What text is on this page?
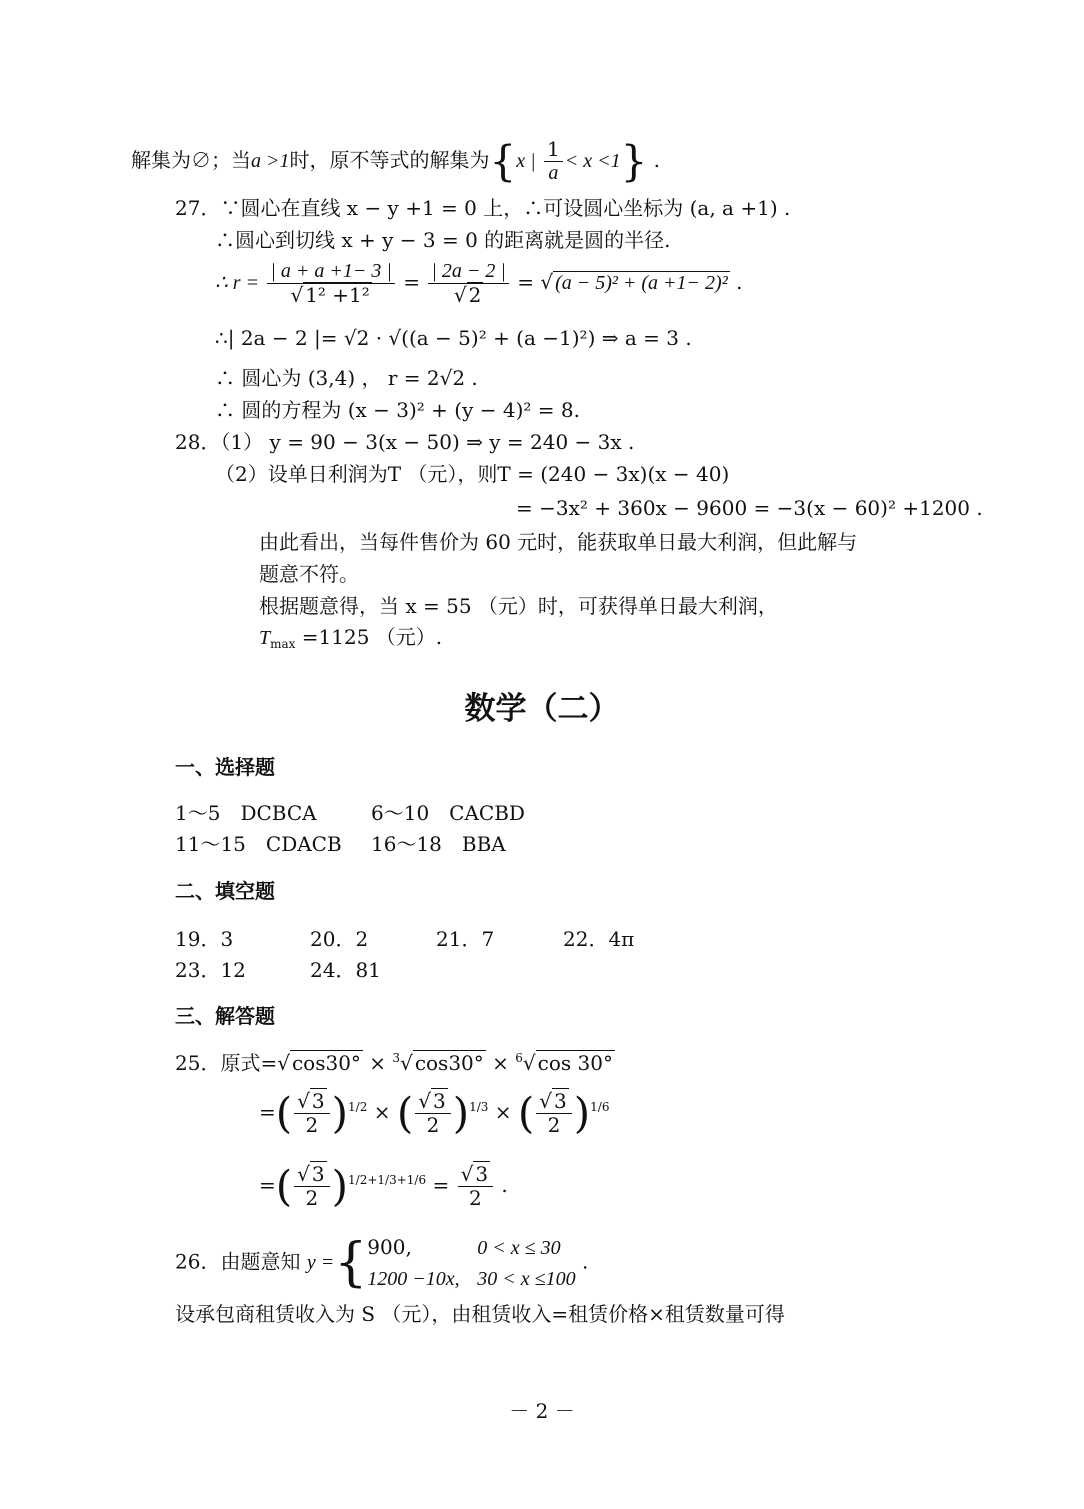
解集为∅；当a >1时，原不等式的解集为{x | $\frac{1}{a} < x <1$} .
27．∵圆心在直线 x − y +1 = 0 上，∴可设圆心坐标为 (a, a +1) .
∴圆心到切线 x + y − 3 = 0 的距离就是圆的半径.
∴ $r = \frac{| a + a +1- 3 |}{\text{√ 1² +1²}} = \frac{| 2a - 2 |}{√ 2}$ = √ (a − 5)² + (a +1− 2)² .
∴| 2a − 2 |= √2 · √((a − 5)² + (a −1)²) ⇒ a = 3 .
∴ 圆心为 (3,4) ， r = 2√2 .
∴ 圆的方程为 (x − 3)² + (y − 4)² = 8.
28．（1） y = 90 − 3(x − 50) ⇒ y = 240 − 3x .
（2）设单日利润为T （元），则T = (240 − 3x)(x − 40)
= −3x² + 360x − 9600 = −3(x − 60)² +1200 .
由此看出，当每件售价为 60 元时，能获取单日最大利润，但此解与
题意不符。
根据题意得，当 x = 55 （元）时，可获得单日最大利润，
$T_{max} =1125$ （元）.
数学（二）
一、选择题
1～5　DCBCA	6～10　CACBD
11～15　CDACB 16～18　BBA
二、填空题
19．3	20．2	21．7	22．4π
23．12	24．81
三、解答题
25．原式=√ cos30° × $^3$√ cos30° × $^6$√ cos 30°
=( $\frac{√ 3}{2} )^{1/2}$ × ( $\frac{√ 3}{2} )^{1/3}$ × ( $\frac{√ 3}{2} )^{1/6}$
=( $\frac{√ 3}{2} )^{1/2+1/3+1/6} = \frac{√ 3}{2}$ .
26．由题意知 y ={ 900,	0 < x ≤ 30
1200 −10x, 30 < x ≤100
.
设承包商租赁收入为 S （元），由租赁收入=租赁价格×租赁数量可得
－ 2 －
